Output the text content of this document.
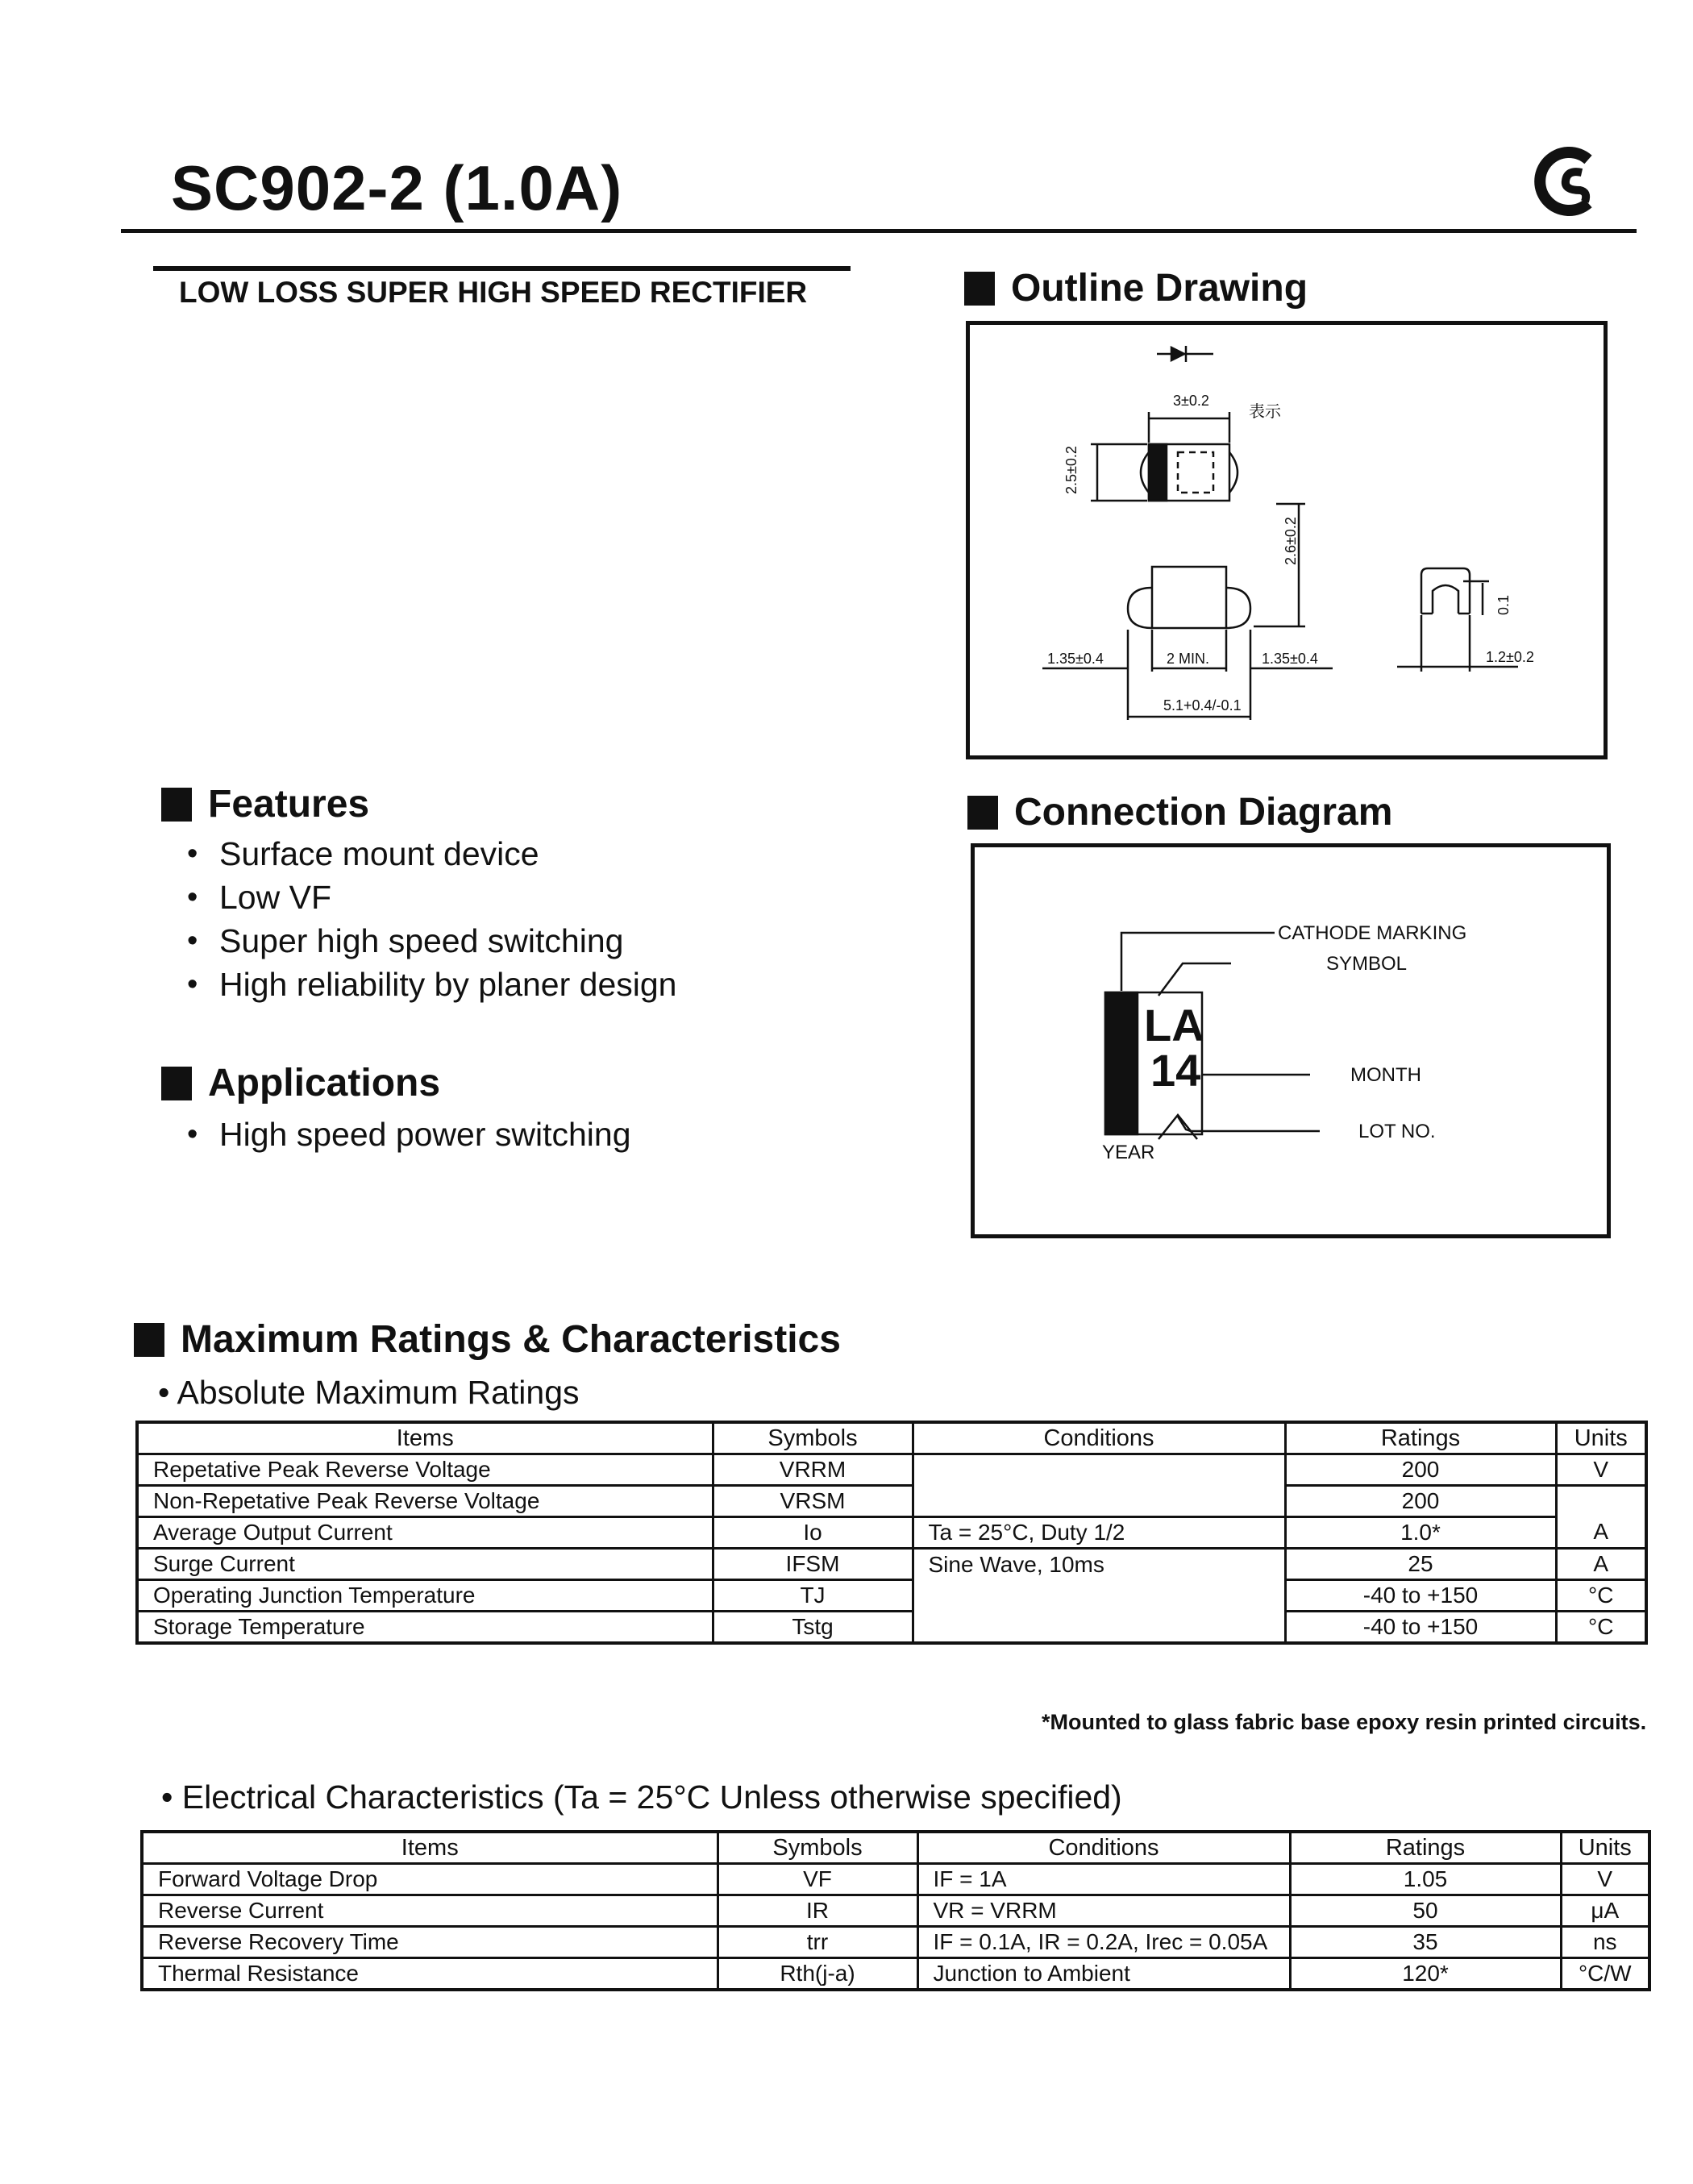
SC902-2 (1.0A)
LOW LOSS SUPER HIGH SPEED RECTIFIER	Outline Drawing
3±0.2
表示
2.5±0.2
2.6±0.2
1.35±0.4	2 MIN.	1.35±0.4
5.1+0.4/-0.1
0.1
1.2±0.2
Connection Diagram
LA
14
CATHODE MARKING
SYMBOL
MONTH
LOT NO.
YEAR
Features
• Surface mount device
• Low VF
• Super high speed switching
• High reliability by planer design
Applications
• High speed power switching
Maximum Ratings & Characteristics
• Absolute Maximum Ratings
Items	Symbols	Conditions	Ratings	Units
Repetative Peak Reverse Voltage	VRRM		200	V
Non-Repetative Peak Reverse Voltage	VRSM		200	
Average Output Current	Io	Ta = 25°C, Duty 1/2	1.0*	A
Surge Current	IFSM	Sine Wave, 10ms	25	A
Operating Junction Temperature	TJ		-40 to +150	°C
Storage Temperature	Tstg		-40 to +150	°C
*Mounted to glass fabric base epoxy resin printed circuits.
• Electrical Characteristics (Ta = 25°C Unless otherwise specified)
Items	Symbols	Conditions	Ratings	Units
Forward Voltage Drop	VF	IF = 1A	1.05	V
Reverse Current	IR	VR = VRRM	50	μA
Reverse Recovery Time	trr	IF = 0.1A, IR = 0.2A, Irec = 0.05A	35	ns
Thermal Resistance	Rth(j-a)	Junction to Ambient	120*	°C/W
